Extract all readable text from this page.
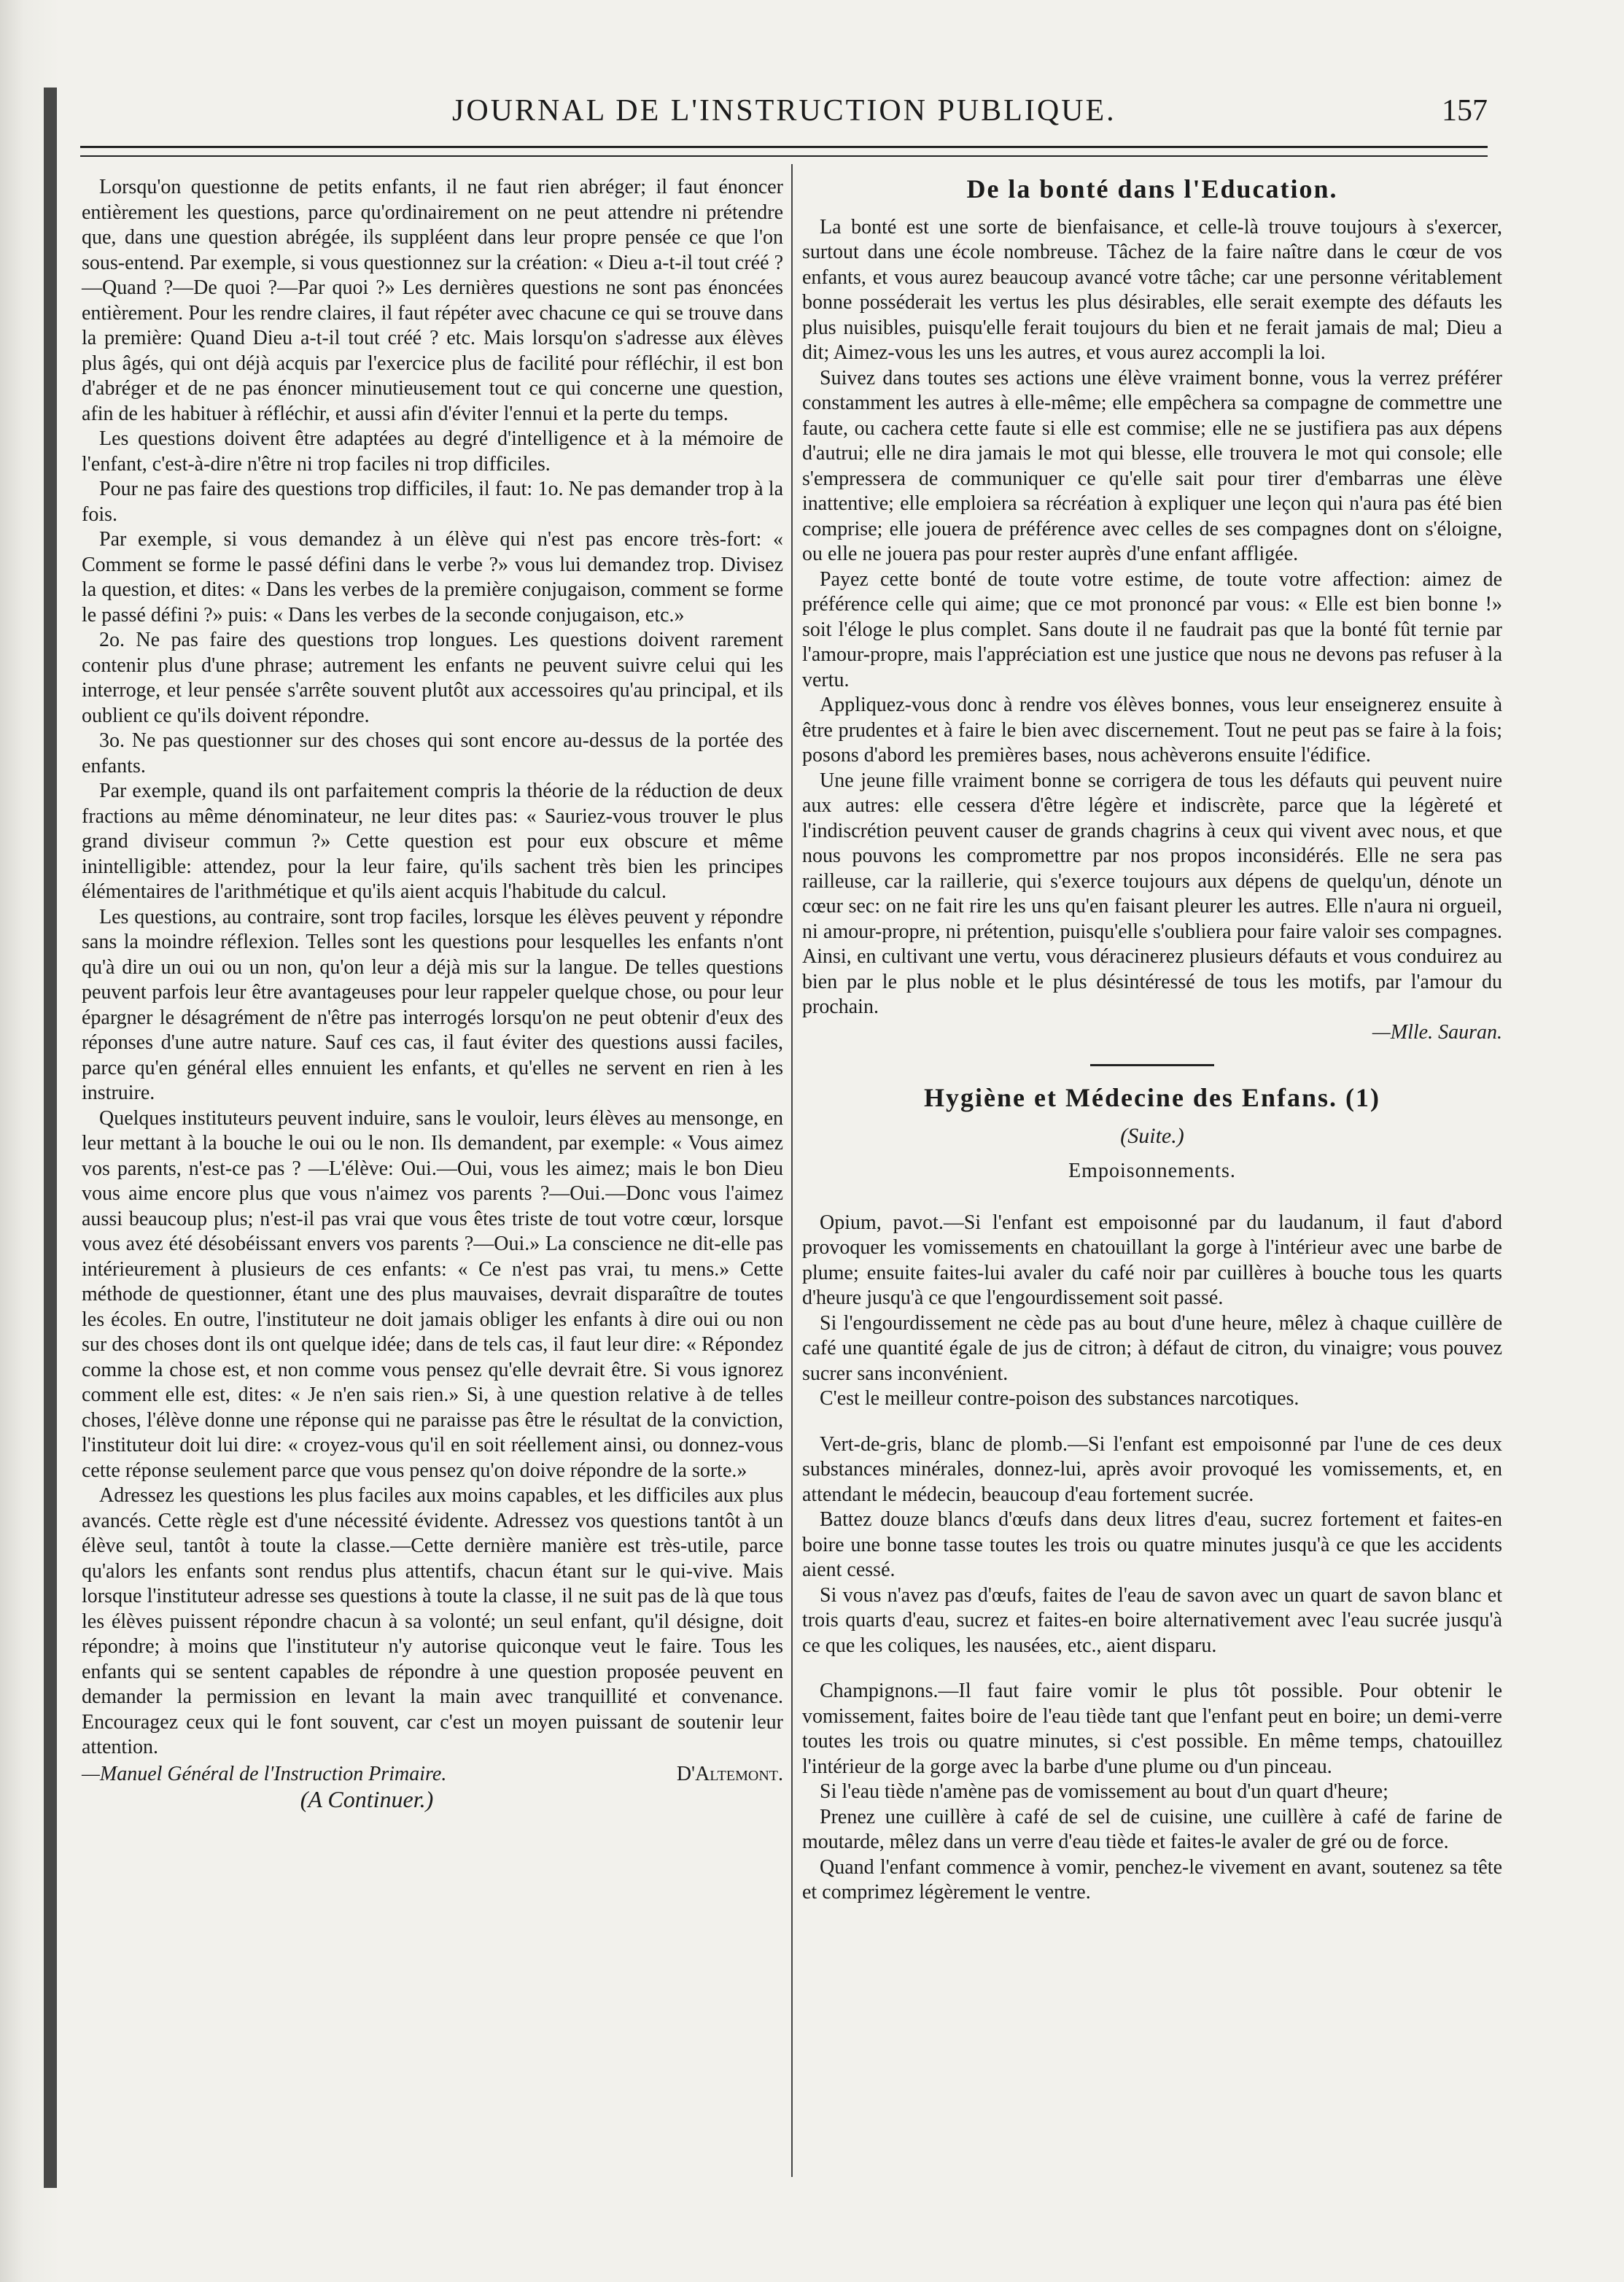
JOURNAL DE L'INSTRUCTION PUBLIQUE.	157

Lorsqu'on questionne de petits enfants, il ne faut rien abréger; il faut énoncer entièrement les questions, parce qu'ordinairement on ne peut attendre ni prétendre que, dans une question abrégée, ils suppléent dans leur propre pensée ce que l'on sous-entend. Par exemple, si vous questionnez sur la création: « Dieu a-t-il tout créé ?—Quand ?—De quoi ?—Par quoi ?» Les dernières questions ne sont pas énoncées entièrement. Pour les rendre claires, il faut répéter avec chacune ce qui se trouve dans la première: Quand Dieu a-t-il tout créé ? etc. Mais lorsqu'on s'adresse aux élèves plus âgés, qui ont déjà acquis par l'exercice plus de facilité pour réfléchir, il est bon d'abréger et de ne pas énoncer minutieusement tout ce qui concerne une question, afin de les habituer à réfléchir, et aussi afin d'éviter l'ennui et la perte du temps.

Les questions doivent être adaptées au degré d'intelligence et à la mémoire de l'enfant, c'est-à-dire n'être ni trop faciles ni trop difficiles.

Pour ne pas faire des questions trop difficiles, il faut: 1o. Ne pas demander trop à la fois.

Par exemple, si vous demandez à un élève qui n'est pas encore très-fort: « Comment se forme le passé défini dans le verbe ?» vous lui demandez trop. Divisez la question, et dites: « Dans les verbes de la première conjugaison, comment se forme le passé défini ?» puis: « Dans les verbes de la seconde conjugaison, etc.»

2o. Ne pas faire des questions trop longues. Les questions doivent rarement contenir plus d'une phrase; autrement les enfants ne peuvent suivre celui qui les interroge, et leur pensée s'arrête souvent plutôt aux accessoires qu'au principal, et ils oublient ce qu'ils doivent répondre.

3o. Ne pas questionner sur des choses qui sont encore au-dessus de la portée des enfants.

Par exemple, quand ils ont parfaitement compris la théorie de la réduction de deux fractions au même dénominateur, ne leur dites pas: « Sauriez-vous trouver le plus grand diviseur commun ?» Cette question est pour eux obscure et même inintelligible: attendez, pour la leur faire, qu'ils sachent très bien les principes élémentaires de l'arithmétique et qu'ils aient acquis l'habitude du calcul.

Les questions, au contraire, sont trop faciles, lorsque les élèves peuvent y répondre sans la moindre réflexion. Telles sont les questions pour lesquelles les enfants n'ont qu'à dire un oui ou un non, qu'on leur a déjà mis sur la langue. De telles questions peuvent parfois leur être avantageuses pour leur rappeler quelque chose, ou pour leur épargner le désagrément de n'être pas interrogés lorsqu'on ne peut obtenir d'eux des réponses d'une autre nature. Sauf ces cas, il faut éviter des questions aussi faciles, parce qu'en général elles ennuient les enfants, et qu'elles ne servent en rien à les instruire.

Quelques instituteurs peuvent induire, sans le vouloir, leurs élèves au mensonge, en leur mettant à la bouche le oui ou le non. Ils demandent, par exemple: « Vous aimez vos parents, n'est-ce pas ? —L'élève: Oui.—Oui, vous les aimez; mais le bon Dieu vous aime encore plus que vous n'aimez vos parents ?—Oui.—Donc vous l'aimez aussi beaucoup plus; n'est-il pas vrai que vous êtes triste de tout votre cœur, lorsque vous avez été désobéissant envers vos parents ?—Oui.» La conscience ne dit-elle pas intérieurement à plusieurs de ces enfants: « Ce n'est pas vrai, tu mens.» Cette méthode de questionner, étant une des plus mauvaises, devrait disparaître de toutes les écoles. En outre, l'instituteur ne doit jamais obliger les enfants à dire oui ou non sur des choses dont ils ont quelque idée; dans de tels cas, il faut leur dire: « Répondez comme la chose est, et non comme vous pensez qu'elle devrait être. Si vous ignorez comment elle est, dites: « Je n'en sais rien.» Si, à une question relative à de telles choses, l'élève donne une réponse qui ne paraisse pas être le résultat de la conviction, l'instituteur doit lui dire: « croyez-vous qu'il en soit réellement ainsi, ou donnez-vous cette réponse seulement parce que vous pensez qu'on doive répondre de la sorte.»

Adressez les questions les plus faciles aux moins capables, et les difficiles aux plus avancés. Cette règle est d'une nécessité évidente. Adressez vos questions tantôt à un élève seul, tantôt à toute la classe.—Cette dernière manière est très-utile, parce qu'alors les enfants sont rendus plus attentifs, chacun étant sur le qui-vive. Mais lorsque l'instituteur adresse ses questions à toute la classe, il ne suit pas de là que tous les élèves puissent répondre chacun à sa volonté; un seul enfant, qu'il désigne, doit répondre; à moins que l'instituteur n'y autorise quiconque veut le faire. Tous les enfants qui se sentent capables de répondre à une question proposée peuvent en demander la permission en levant la main avec tranquillité et convenance. Encouragez ceux qui le font souvent, car c'est un moyen puissant de soutenir leur attention.

—Manuel Général de l'Instruction Primaire.	D'Altemont.
(A Continuer.)
De la bonté dans l'Education.

La bonté est une sorte de bienfaisance, et celle-là trouve toujours à s'exercer, surtout dans une école nombreuse. Tâchez de la faire naître dans le cœur de vos enfants, et vous aurez beaucoup avancé votre tâche; car une personne véritablement bonne posséderait les vertus les plus désirables, elle serait exempte des défauts les plus nuisibles, puisqu'elle ferait toujours du bien et ne ferait jamais de mal; Dieu a dit; Aimez-vous les uns les autres, et vous aurez accompli la loi.

Suivez dans toutes ses actions une élève vraiment bonne, vous la verrez préférer constamment les autres à elle-même; elle empêchera sa compagne de commettre une faute, ou cachera cette faute si elle est commise; elle ne se justifiera pas aux dépens d'autrui; elle ne dira jamais le mot qui blesse, elle trouvera le mot qui console; elle s'empressera de communiquer ce qu'elle sait pour tirer d'embarras une élève inattentive; elle emploiera sa récréation à expliquer une leçon qui n'aura pas été bien comprise; elle jouera de préférence avec celles de ses compagnes dont on s'éloigne, ou elle ne jouera pas pour rester auprès d'une enfant affligée.

Payez cette bonté de toute votre estime, de toute votre affection: aimez de préférence celle qui aime; que ce mot prononcé par vous: « Elle est bien bonne !» soit l'éloge le plus complet. Sans doute il ne faudrait pas que la bonté fût ternie par l'amour-propre, mais l'appréciation est une justice que nous ne devons pas refuser à la vertu.

Appliquez-vous donc à rendre vos élèves bonnes, vous leur enseignerez ensuite à être prudentes et à faire le bien avec discernement. Tout ne peut pas se faire à la fois; posons d'abord les premières bases, nous achèverons ensuite l'édifice.

Une jeune fille vraiment bonne se corrigera de tous les défauts qui peuvent nuire aux autres: elle cessera d'être légère et indiscrète, parce que la légèreté et l'indiscrétion peuvent causer de grands chagrins à ceux qui vivent avec nous, et que nous pouvons les compromettre par nos propos inconsidérés. Elle ne sera pas railleuse, car la raillerie, qui s'exerce toujours aux dépens de quelqu'un, dénote un cœur sec: on ne fait rire les uns qu'en faisant pleurer les autres. Elle n'aura ni orgueil, ni amour-propre, ni prétention, puisqu'elle s'oubliera pour faire valoir ses compagnes. Ainsi, en cultivant une vertu, vous déracinerez plusieurs défauts et vous conduirez au bien par le plus noble et le plus désintéressé de tous les motifs, par l'amour du prochain.

—Mlle. Sauran.
Hygiène et Médecine des Enfans. (1)
(Suite.)
Empoisonnements.

Opium, pavot.—Si l'enfant est empoisonné par du laudanum, il faut d'abord provoquer les vomissements en chatouillant la gorge à l'intérieur avec une barbe de plume; ensuite faites-lui avaler du café noir par cuillères à bouche tous les quarts d'heure jusqu'à ce que l'engourdissement soit passé.

Si l'engourdissement ne cède pas au bout d'une heure, mêlez à chaque cuillère de café une quantité égale de jus de citron; à défaut de citron, du vinaigre; vous pouvez sucrer sans inconvénient.

C'est le meilleur contre-poison des substances narcotiques.

Vert-de-gris, blanc de plomb.—Si l'enfant est empoisonné par l'une de ces deux substances minérales, donnez-lui, après avoir provoqué les vomissements, et, en attendant le médecin, beaucoup d'eau fortement sucrée.

Battez douze blancs d'œufs dans deux litres d'eau, sucrez fortement et faites-en boire une bonne tasse toutes les trois ou quatre minutes jusqu'à ce que les accidents aient cessé.

Si vous n'avez pas d'œufs, faites de l'eau de savon avec un quart de savon blanc et trois quarts d'eau, sucrez et faites-en boire alternativement avec l'eau sucrée jusqu'à ce que les coliques, les nausées, etc., aient disparu.

Champignons.—Il faut faire vomir le plus tôt possible. Pour obtenir le vomissement, faites boire de l'eau tiède tant que l'enfant peut en boire; un demi-verre toutes les trois ou quatre minutes, si c'est possible. En même temps, chatouillez l'intérieur de la gorge avec la barbe d'une plume ou d'un pinceau.

Si l'eau tiède n'amène pas de vomissement au bout d'un quart d'heure;

Prenez une cuillère à café de sel de cuisine, une cuillère à café de farine de moutarde, mêlez dans un verre d'eau tiède et faites-le avaler de gré ou de force.

Quand l'enfant commence à vomir, penchez-le vivement en avant, soutenez sa tête et comprimez légèrement le ventre.
